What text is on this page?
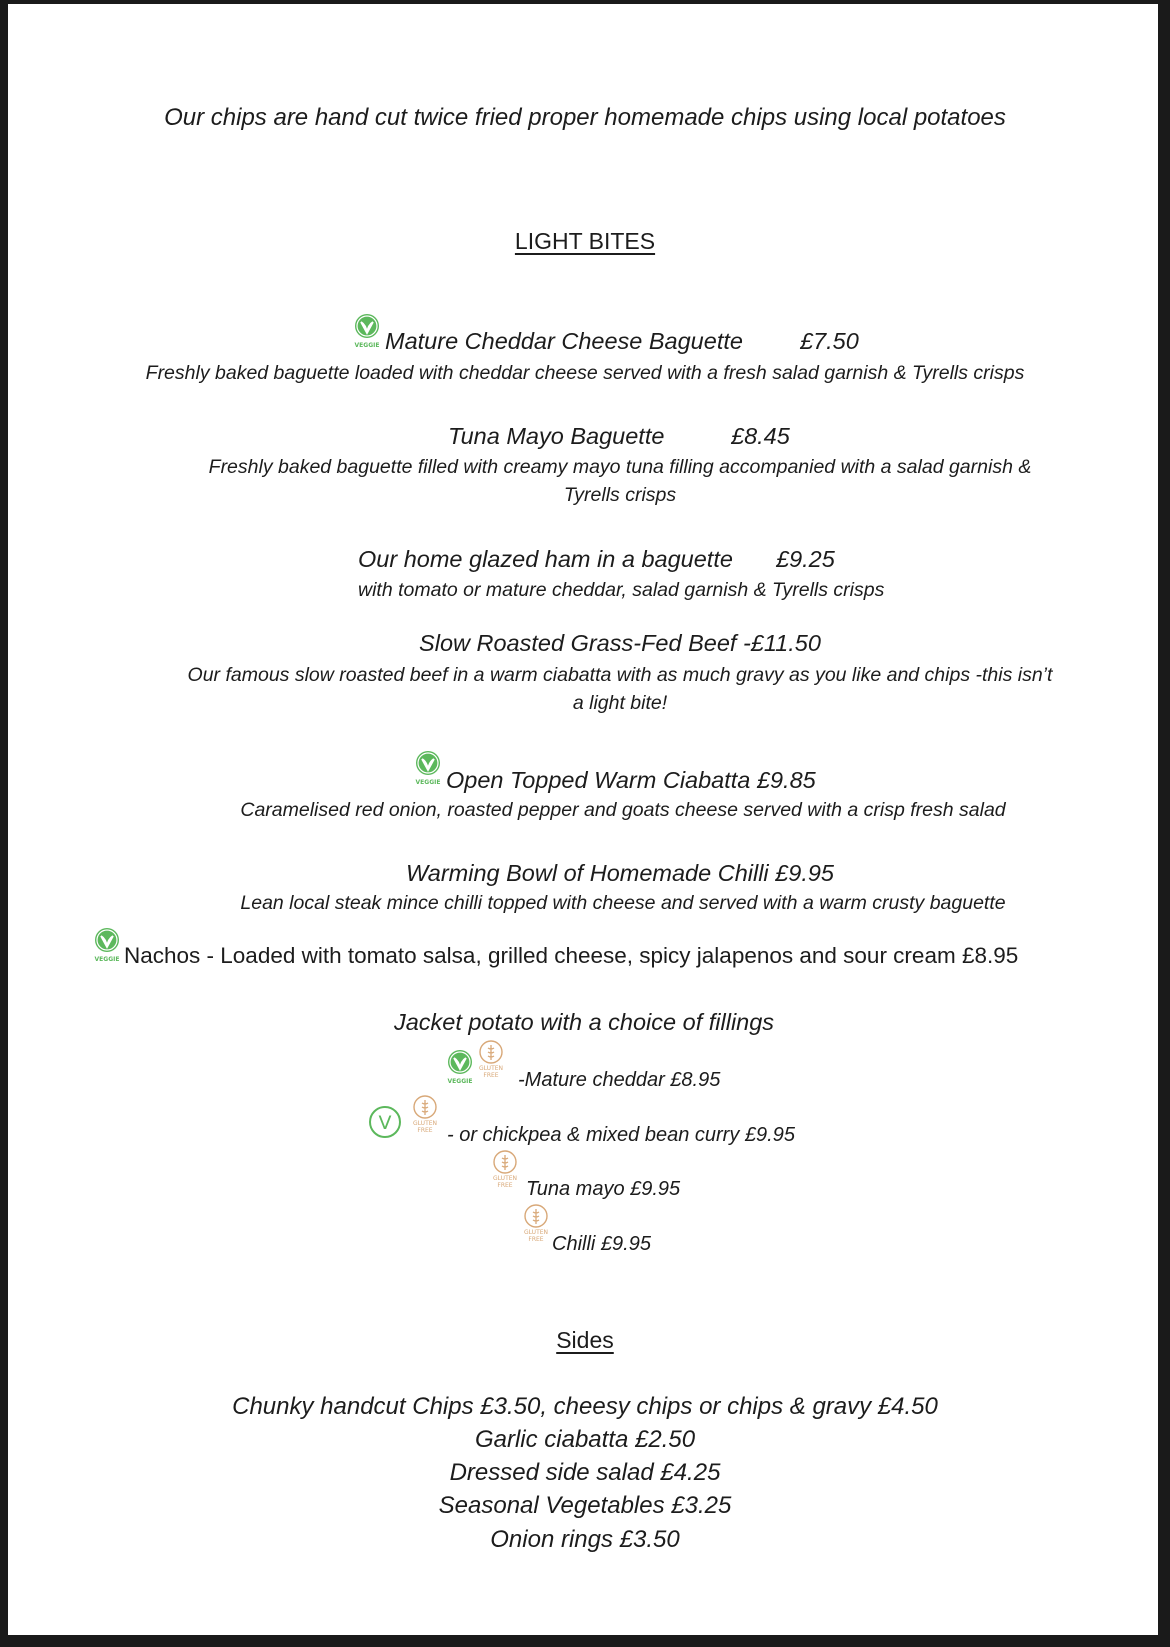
Our chips are hand cut twice fried proper homemade chips using local potatoes
LIGHT BITES
VEGGIE Mature Cheddar Cheese Baguette £7.50
Freshly baked baguette loaded with cheddar cheese served with a fresh salad garnish & Tyrells crisps
Tuna Mayo Baguette	£8.45
Freshly baked baguette filled with creamy mayo tuna filling accompanied with a salad garnish &
Tyrells crisps
Our home glazed ham in a baguette £9.25
with tomato or mature cheddar, salad garnish & Tyrells crisps
Slow Roasted Grass-Fed Beef -£11.50
Our famous slow roasted beef in a warm ciabatta with as much gravy as you like and chips -this isn’t
a light bite!
VEGGIE Open Topped Warm Ciabatta £9.85
Caramelised red onion, roasted pepper and goats cheese served with a crisp fresh salad
Warming Bowl of Homemade Chilli £9.95
Lean local steak mince chilli topped with cheese and served with a warm crusty baguette
VEGGIE Nachos - Loaded with tomato salsa, grilled cheese, spicy jalapenos and sour cream £8.95
Jacket potato with a choice of fillings
VEGGIE
GLUTEN
FREE -Mature cheddar £8.95
V	GLUTEN
FREE - or chickpea & mixed bean curry £9.95
GLUTEN
FREE Tuna mayo £9.95
GLUTEN
FREE Chilli £9.95
Sides
Chunky handcut Chips £3.50, cheesy chips or chips & gravy £4.50
Garlic ciabatta £2.50
Dressed side salad £4.25
Seasonal Vegetables £3.25
Onion rings £3.50
